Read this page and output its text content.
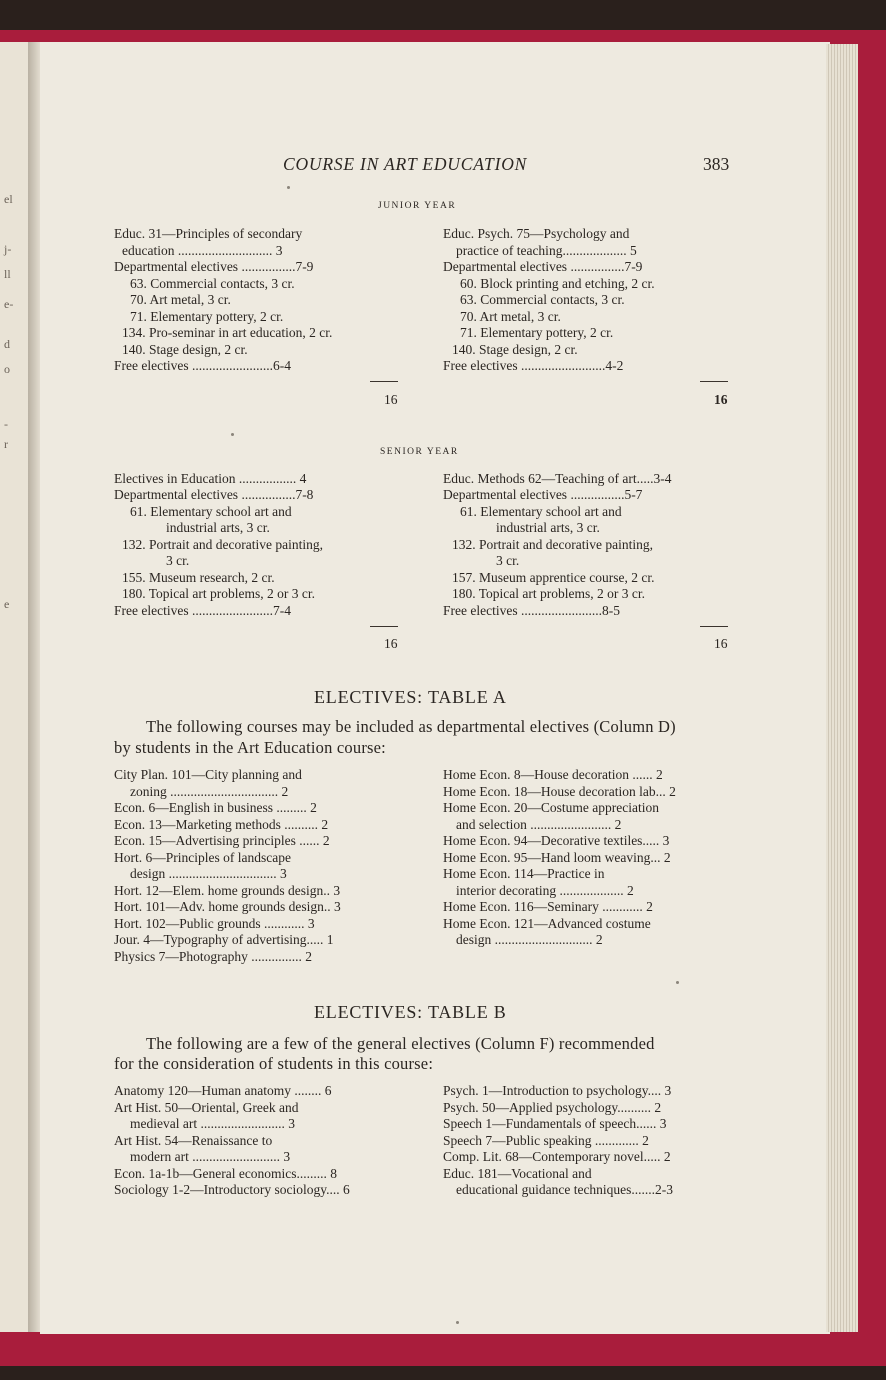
el
j-
ll
e-
d
o
-
r
e
COURSE IN ART EDUCATION	383
JUNIOR YEAR
Educ. 31—Principles of secondary
education ............................ 3
Departmental electives ................7-9
63. Commercial contacts, 3 cr.
70. Art metal, 3 cr.
71. Elementary pottery, 2 cr.
134. Pro-seminar in art education, 2 cr.
140. Stage design, 2 cr.
Free electives ........................6-4
16
Educ. Psych. 75—Psychology and
practice of teaching................... 5
Departmental electives ................7-9
60. Block printing and etching, 2 cr.
63. Commercial contacts, 3 cr.
70. Art metal, 3 cr.
71. Elementary pottery, 2 cr.
140. Stage design, 2 cr.
Free electives .........................4-2
16
SENIOR YEAR
Electives in Education ................. 4
Departmental electives ................7-8
61. Elementary school art and
industrial arts, 3 cr.
132. Portrait and decorative painting,
3 cr.
155. Museum research, 2 cr.
180. Topical art problems, 2 or 3 cr.
Free electives ........................7-4
16
Educ. Methods 62—Teaching of art.....3-4
Departmental electives ................5-7
61. Elementary school art and
industrial arts, 3 cr.
132. Portrait and decorative painting,
3 cr.
157. Museum apprentice course, 2 cr.
180. Topical art problems, 2 or 3 cr.
Free electives ........................8-5
16
ELECTIVES: TABLE A
The following courses may be included as departmental electives (Column D)
by students in the Art Education course:
City Plan. 101—City planning and
zoning ................................ 2
Econ. 6—English in business ......... 2
Econ. 13—Marketing methods .......... 2
Econ. 15—Advertising principles ...... 2
Hort. 6—Principles of landscape
design ................................ 3
Hort. 12—Elem. home grounds design.. 3
Hort. 101—Adv. home grounds design.. 3
Hort. 102—Public grounds ............ 3
Jour. 4—Typography of advertising..... 1
Physics 7—Photography ............... 2
Home Econ. 8—House decoration ...... 2
Home Econ. 18—House decoration lab... 2
Home Econ. 20—Costume appreciation
and selection ........................ 2
Home Econ. 94—Decorative textiles..... 3
Home Econ. 95—Hand loom weaving... 2
Home Econ. 114—Practice in
interior decorating ................... 2
Home Econ. 116—Seminary ............ 2
Home Econ. 121—Advanced costume
design ............................. 2
ELECTIVES: TABLE B
The following are a few of the general electives (Column F) recommended
for the consideration of students in this course:
Anatomy 120—Human anatomy ........ 6
Art Hist. 50—Oriental, Greek and
medieval art ......................... 3
Art Hist. 54—Renaissance to
modern art .......................... 3
Econ. 1a-1b—General economics......... 8
Sociology 1-2—Introductory sociology.... 6
Psych. 1—Introduction to psychology.... 3
Psych. 50—Applied psychology.......... 2
Speech 1—Fundamentals of speech...... 3
Speech 7—Public speaking ............. 2
Comp. Lit. 68—Contemporary novel..... 2
Educ. 181—Vocational and
educational guidance techniques.......2-3
